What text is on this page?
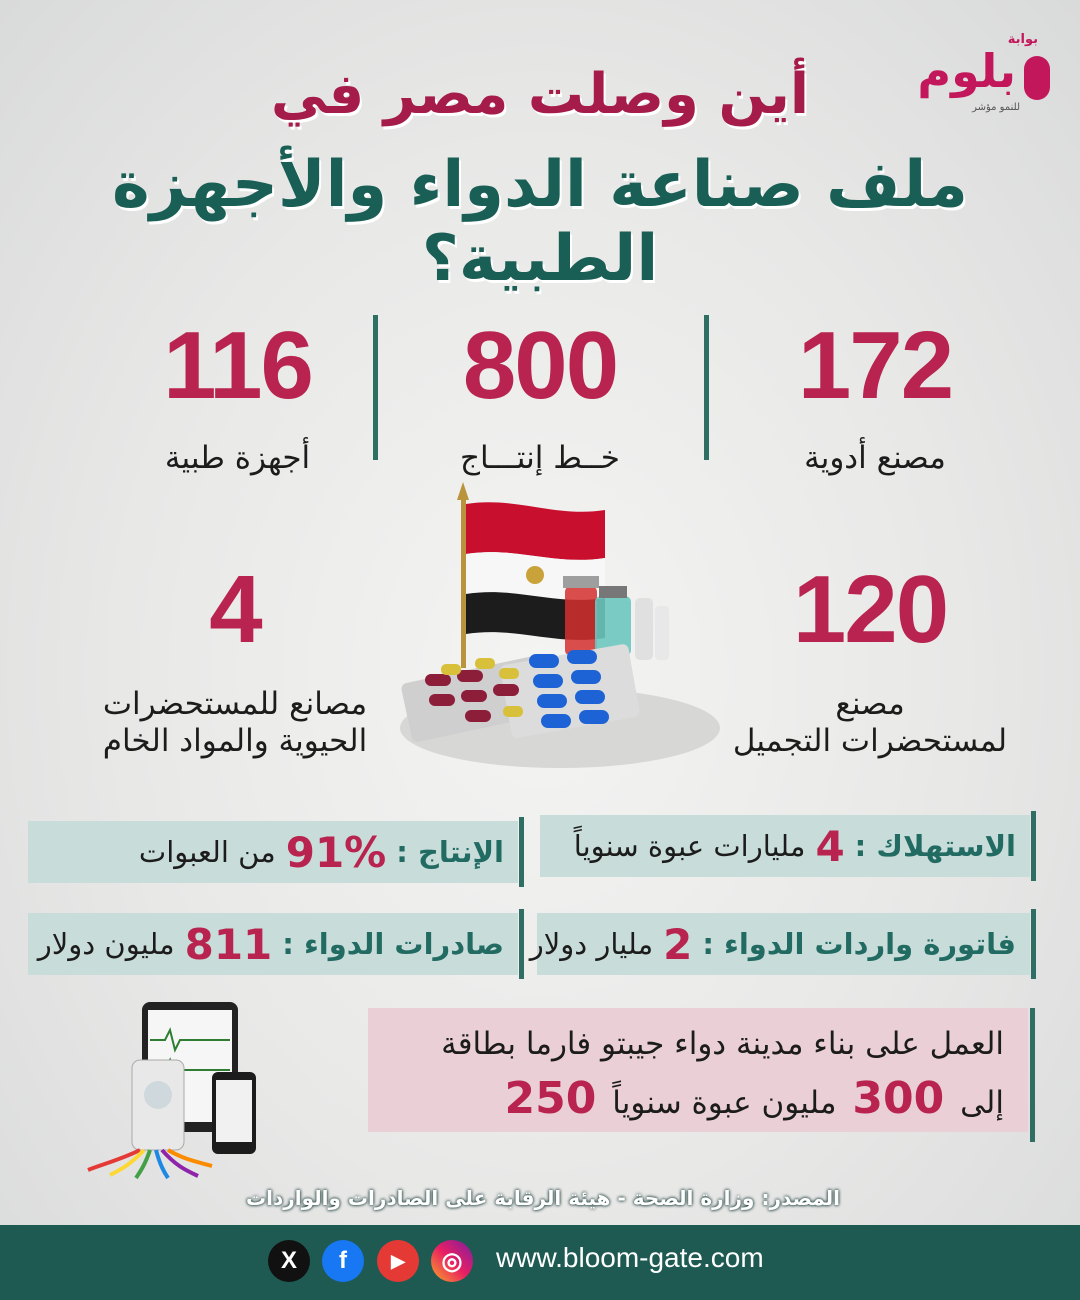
بوابة
بلوم
للنمو مؤشر
أين وصلت مصر في
ملف صناعة الدواء والأجهزة الطبية؟
172
مصنع أدوية
800
خــط إنتـــاج
116
أجهزة طبية
120
مصنع
لمستحضرات التجميل
4
مصانع للمستحضرات
الحيوية والمواد الخام
الاستهلاك :
4
مليارات عبوة سنوياً
الإنتاج :
91%
من العبوات
فاتورة واردات الدواء :
2
مليار دولار
صادرات الدواء :
811
مليون دولار
العمل على بناء مدينة دواء جيبتو فارما بطاقة
إلى 300 مليون عبوة سنوياً 250
المصدر: وزارة الصحة - هيئة الرقابة على الصادرات والواردات
www.bloom-gate.com
◎
▶
f
X
